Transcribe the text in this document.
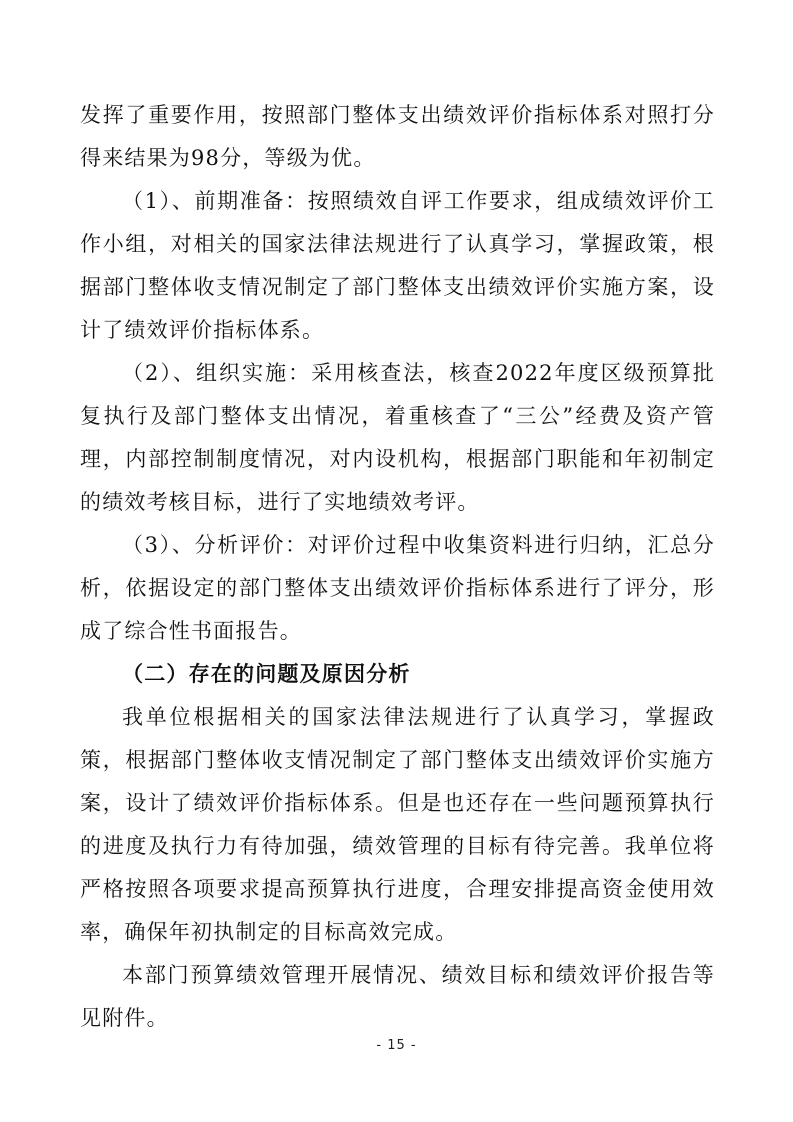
发挥了重要作用，按照部门整体支出绩效评价指标体系对照打分得来结果为98分，等级为优。

（1）、前期准备：按照绩效自评工作要求，组成绩效评价工作小组，对相关的国家法律法规进行了认真学习，掌握政策，根据部门整体收支情况制定了部门整体支出绩效评价实施方案，设计了绩效评价指标体系。

（2）、组织实施：采用核查法，核查2022年度区级预算批复执行及部门整体支出情况，着重核查了“三公”经费及资产管理，内部控制制度情况，对内设机构，根据部门职能和年初制定的绩效考核目标，进行了实地绩效考评。

（3）、分析评价：对评价过程中收集资料进行归纳，汇总分析，依据设定的部门整体支出绩效评价指标体系进行了评分，形成了综合性书面报告。

（二）存在的问题及原因分析

我单位根据相关的国家法律法规进行了认真学习，掌握政策，根据部门整体收支情况制定了部门整体支出绩效评价实施方案，设计了绩效评价指标体系。但是也还存在一些问题预算执行的进度及执行力有待加强，绩效管理的目标有待完善。我单位将严格按照各项要求提高预算执行进度，合理安排提高资金使用效率，确保年初执制定的目标高效完成。

本部门预算绩效管理开展情况、绩效目标和绩效评价报告等见附件。

- 15 -
